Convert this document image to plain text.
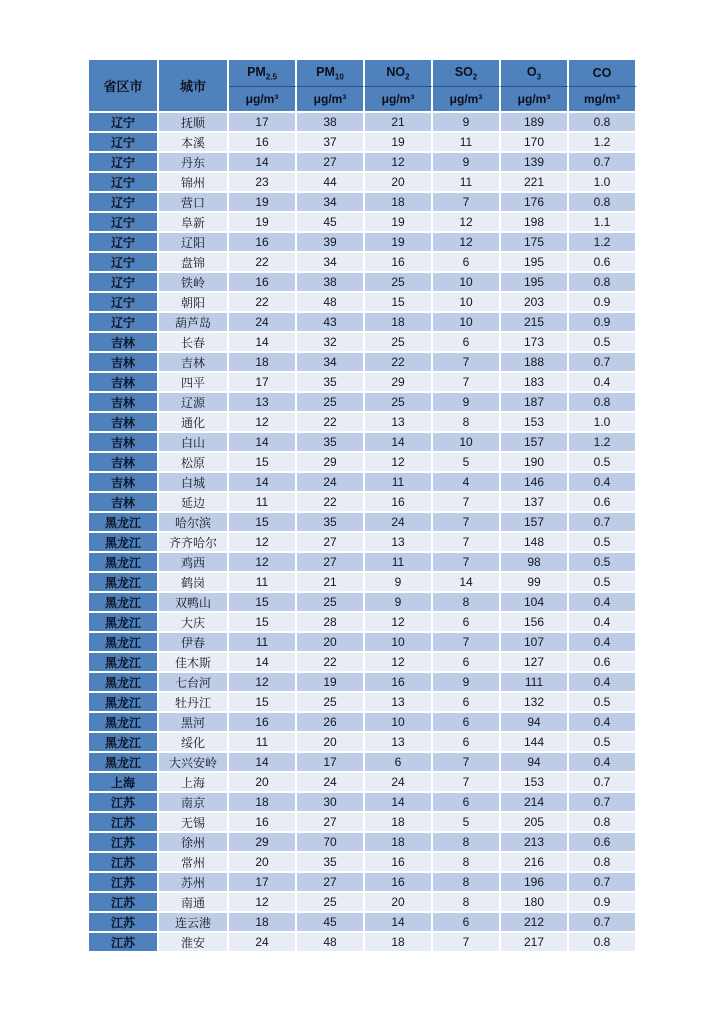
省区市	城市	$PM_{2.5}$	$PM_{10}$	$NO_2$	$SO_2$	$O_3$	CO
		μg/m³	μg/m³	μg/m³	μg/m³	μg/m³	mg/m³
辽宁	抚顺	17	38	21	9	189	0.8
辽宁	本溪	16	37	19	11	170	1.2
辽宁	丹东	14	27	12	9	139	0.7
辽宁	锦州	23	44	20	11	221	1.0
辽宁	营口	19	34	18	7	176	0.8
辽宁	阜新	19	45	19	12	198	1.1
辽宁	辽阳	16	39	19	12	175	1.2
辽宁	盘锦	22	34	16	6	195	0.6
辽宁	铁岭	16	38	25	10	195	0.8
辽宁	朝阳	22	48	15	10	203	0.9
辽宁	葫芦岛	24	43	18	10	215	0.9
吉林	长春	14	32	25	6	173	0.5
吉林	吉林	18	34	22	7	188	0.7
吉林	四平	17	35	29	7	183	0.4
吉林	辽源	13	25	25	9	187	0.8
吉林	通化	12	22	13	8	153	1.0
吉林	白山	14	35	14	10	157	1.2
吉林	松原	15	29	12	5	190	0.5
吉林	白城	14	24	11	4	146	0.4
吉林	延边	11	22	16	7	137	0.6
黑龙江	哈尔滨	15	35	24	7	157	0.7
黑龙江	齐齐哈尔	12	27	13	7	148	0.5
黑龙江	鸡西	12	27	11	7	98	0.5
黑龙江	鹤岗	11	21	9	14	99	0.5
黑龙江	双鸭山	15	25	9	8	104	0.4
黑龙江	大庆	15	28	12	6	156	0.4
黑龙江	伊春	11	20	10	7	107	0.4
黑龙江	佳木斯	14	22	12	6	127	0.6
黑龙江	七台河	12	19	16	9	111	0.4
黑龙江	牡丹江	15	25	13	6	132	0.5
黑龙江	黑河	16	26	10	6	94	0.4
黑龙江	绥化	11	20	13	6	144	0.5
黑龙江	大兴安岭	14	17	6	7	94	0.4
上海	上海	20	24	24	7	153	0.7
江苏	南京	18	30	14	6	214	0.7
江苏	无锡	16	27	18	5	205	0.8
江苏	徐州	29	70	18	8	213	0.6
江苏	常州	20	35	16	8	216	0.8
江苏	苏州	17	27	16	8	196	0.7
江苏	南通	12	25	20	8	180	0.9
江苏	连云港	18	45	14	6	212	0.7
江苏	淮安	24	48	18	7	217	0.8
